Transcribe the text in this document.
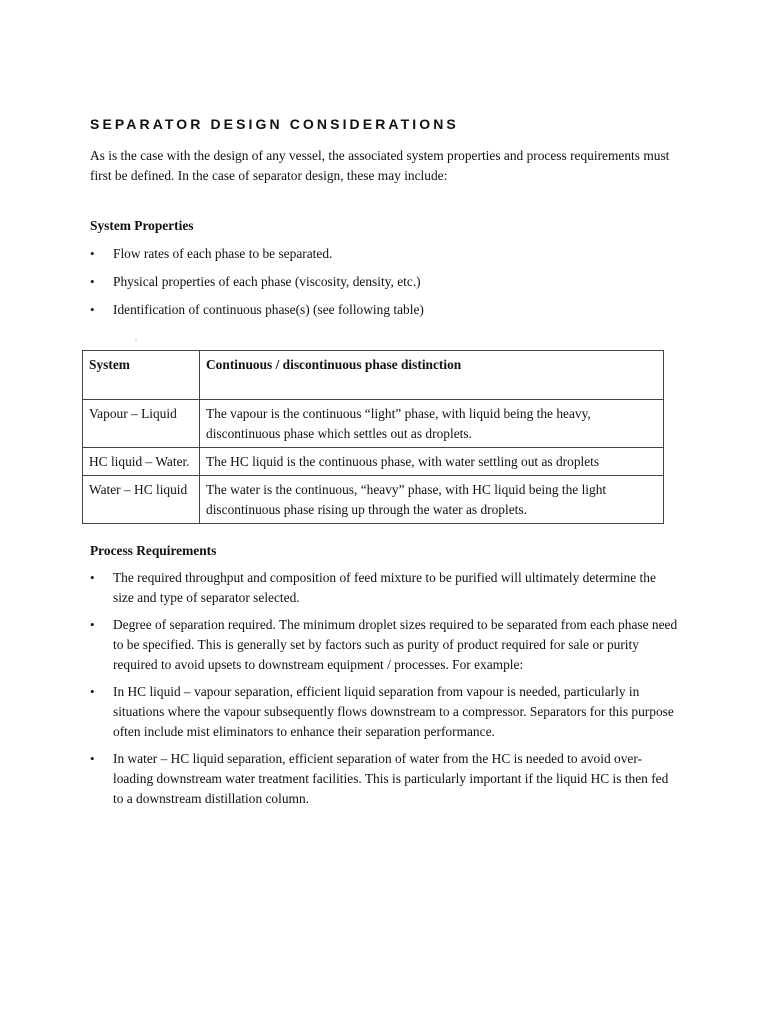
SEPARATOR DESIGN CONSIDERATIONS
As is the case with the design of any vessel, the associated system properties and process requirements must first be defined. In the case of separator design, these may include:
System Properties
• Flow rates of each phase to be separated.
• Physical properties of each phase (viscosity, density, etc.)
• Identification of continuous phase(s) (see following table)
.
System	Continuous / discontinuous phase distinction
Vapour – Liquid	The vapour is the continuous “light” phase, with liquid being the heavy, discontinuous phase which settles out as droplets.
HC liquid – Water.	The HC liquid is the continuous phase, with water settling out as droplets
Water – HC liquid	The water is the continuous, “heavy” phase, with HC liquid being the light discontinuous phase rising up through the water as droplets.
Process Requirements
• The required throughput and composition of feed mixture to be purified will ultimately determine the size and type of separator selected.
• Degree of separation required. The minimum droplet sizes required to be separated from each phase need to be specified. This is generally set by factors such as purity of product required for sale or purity required to avoid upsets to downstream equipment / processes. For example:
• In HC liquid – vapour separation, efficient liquid separation from vapour is needed, particularly in situations where the vapour subsequently flows downstream to a compressor. Separators for this purpose often include mist eliminators to enhance their separation performance.
• In water – HC liquid separation, efficient separation of water from the HC is needed to avoid over-loading downstream water treatment facilities. This is particularly important if the liquid HC is then fed to a downstream distillation column.
